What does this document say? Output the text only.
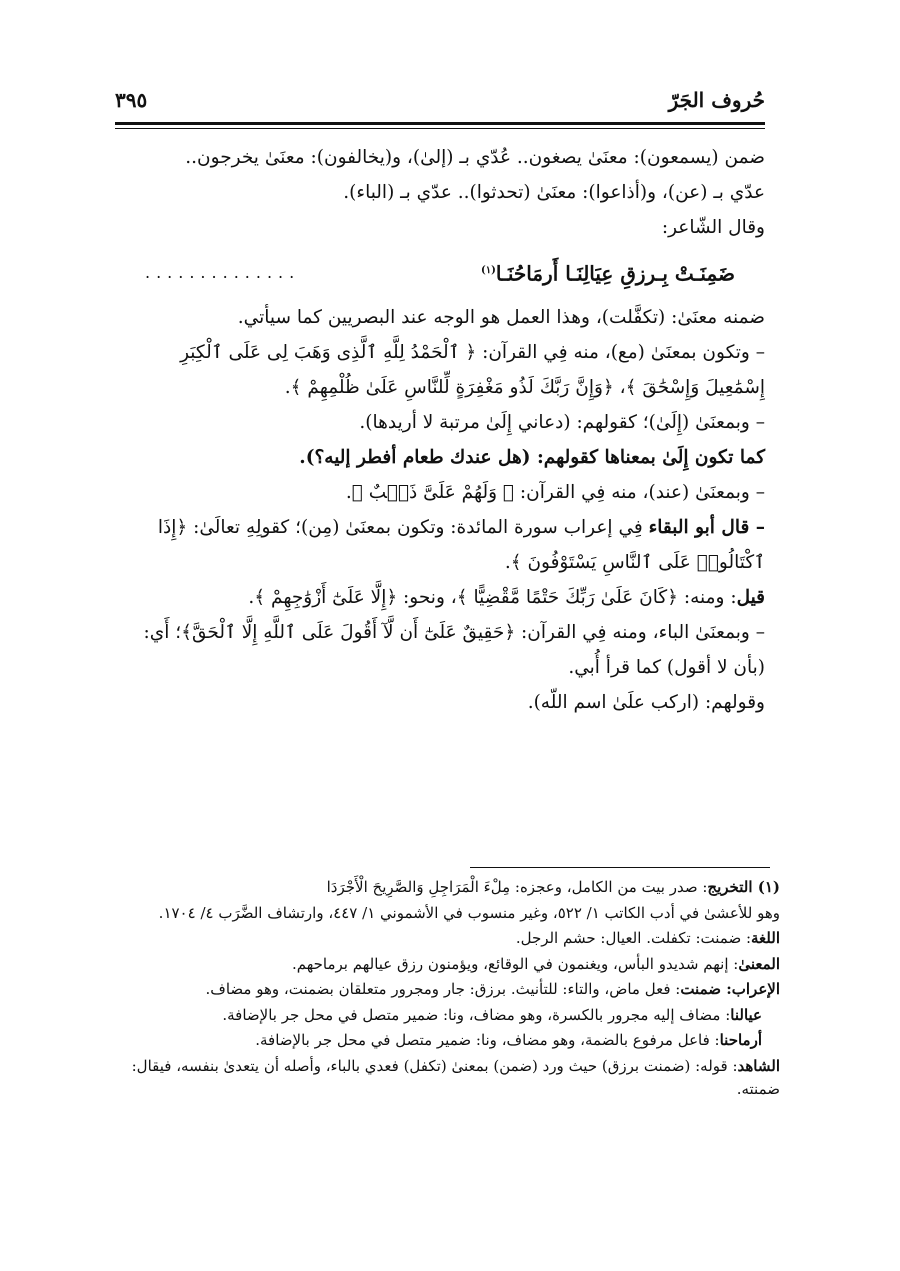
حُروف الجَرّ
٣٩٥

ضمن (يسمعون): معنَىٰ يصغون.. عُدّي بـ (إلىٰ)، و(يخالفون): معنَىٰ يخرجون..

عدّي بـ (عن)، و(أذاعوا): معنَىٰ (تحدثوا).. عدّي بـ (الباء).

وقال الشّاعر:

ضَمِنَـتْ بِـرزقِ عِيَالِنَـا أَرمَاحُنَـا$^{(١)}$
..............

ضمنه معنَىٰ: (تكفَّلت)، وهذا العمل هو الوجه عند البصريين كما سيأتي.

– وتكون بمعنَىٰ (مع)، منه فِي القرآن: ﴿ ٱلْحَمْدُ لِلَّهِ ٱلَّذِى وَهَبَ لِى عَلَى ٱلْكِبَرِ إِسْمَٰعِيلَ وَإِسْحَٰقَ ﴾، ﴿وَإِنَّ رَبَّكَ لَذُو مَغْفِرَةٍ لِّلنَّاسِ عَلَىٰ ظُلْمِهِمْ ﴾.

– وبمعنَىٰ (إِلَىٰ)؛ كقولهم: (دعاني إِلَىٰ مرتبة لا أريدها).

كما تكون إِلَىٰ بمعناها كقولهم: (هل عندك طعام أفطر إليه؟).

– وبمعنَىٰ (عند)، منه فِي القرآن: ﴿ وَلَهُمْ عَلَىَّ ذَنۢبٌ ﴾.

– قال أبو البقاء فِي إعراب سورة المائدة: وتكون بمعنَىٰ (مِن)؛ كقولِهِ تعالَىٰ: ﴿إِذَا ٱكْتَالُوا۟ عَلَى ٱلنَّاسِ يَسْتَوْفُونَ ﴾.

قيل: ومنه: ﴿كَانَ عَلَىٰ رَبِّكَ حَتْمًا مَّقْضِيًّا ﴾، ونحو: ﴿إِلَّا عَلَىٰٓ أَزْوَٰجِهِمْ ﴾.

– وبمعنَىٰ الباء، ومنه فِي القرآن: ﴿حَقِيقٌ عَلَىٰٓ أَن لَّآ أَقُولَ عَلَى ٱللَّهِ إِلَّا ٱلْحَقَّ﴾؛ أَي: (بأن لا أقول) كما قرأ أُبي.

وقولهم: (اركب علَىٰ اسم اللّه).

(١) التخريج: صدر بيت من الكامل، وعجزه: مِلْءَ الْمَرَاجِلِ وَالصَّرِيحَ الْأَجْرَدَا

وهو للأعشىٰ في أدب الكاتب ١/ ٥٢٢، وغير منسوب في الأشموني ١/ ٤٤٧، وارتشاف الضَّرَب ٤/ ١٧٠٤.

اللغة: ضمنت: تكفلت. العيال: حشم الرجل.

المعنىٰ: إنهم شديدو البأس، ويغنمون في الوقائع، ويؤمنون رزق عيالهم برماحهم.

الإعراب: ضمنت: فعل ماض، والتاء: للتأنيث. برزق: جار ومجرور متعلقان بضمنت، وهو مضاف.

عيالنا: مضاف إليه مجرور بالكسرة، وهو مضاف، ونا: ضمير متصل في محل جر بالإضافة.

أرماحنا: فاعل مرفوع بالضمة، وهو مضاف، ونا: ضمير متصل في محل جر بالإضافة.

الشاهد: قوله: (ضمنت برزق) حيث ورد (ضمن) بمعنىٰ (تكفل) فعدي بالباء، وأصله أن يتعدىٰ بنفسه، فيقال: ضمنته.
